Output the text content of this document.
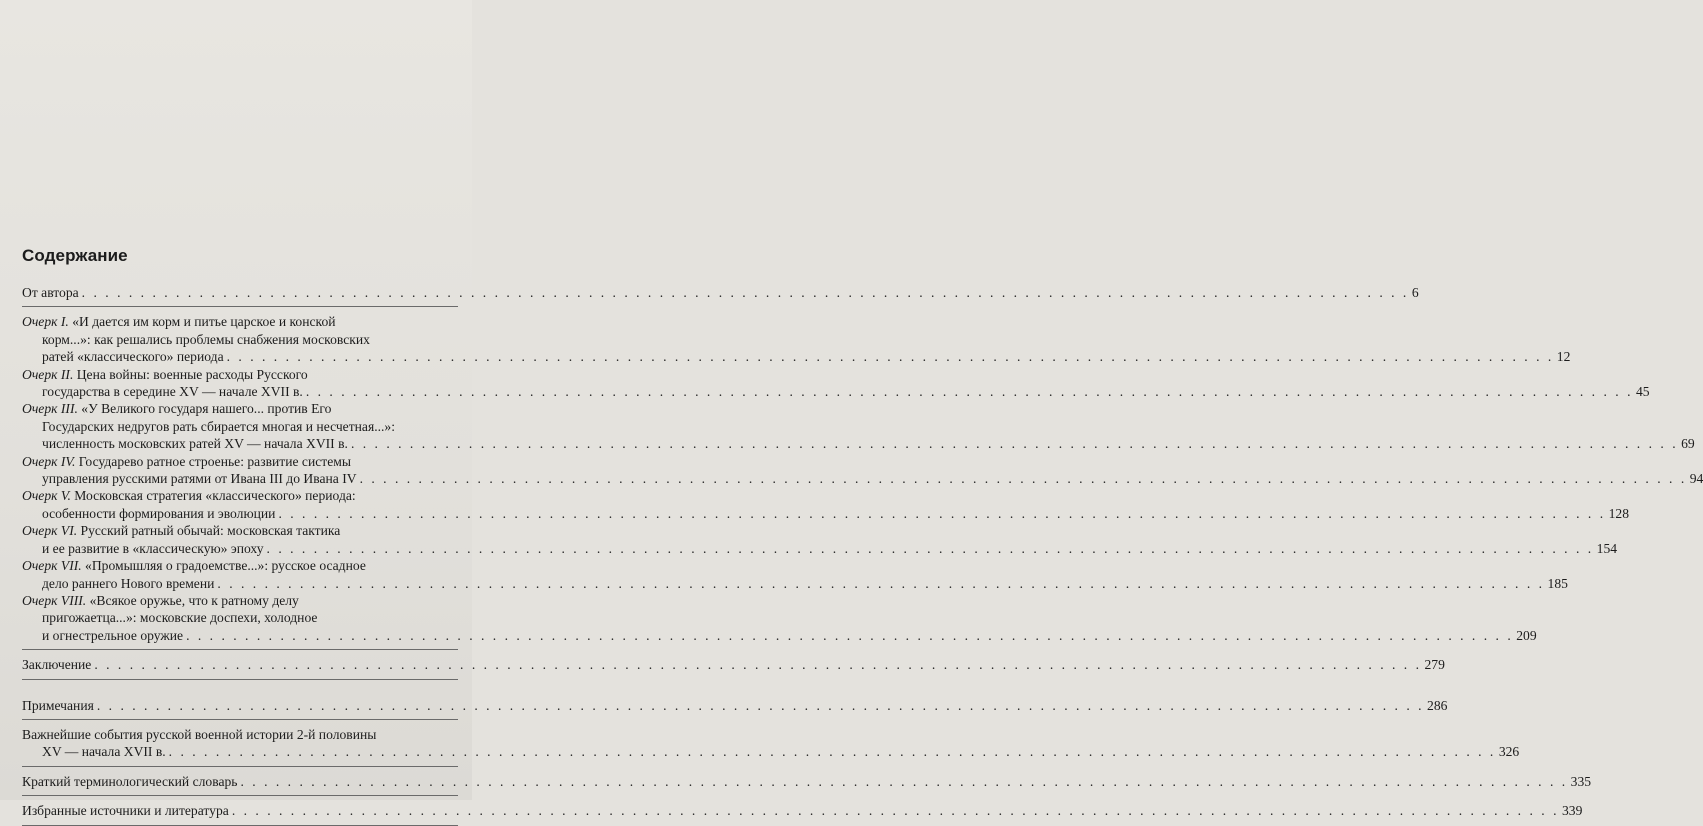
Содержание
От автора . . .	6
Очерк I. «И дается им корм и питье царское и конской
корм...»: как решались проблемы снабжения московских
ратей «классического» периода . . .	12
Очерк II. Цена войны: военные расходы Русского
государства в середине XV — начале XVII в. . . .	45
Очерк III. «У Великого государя нашего... против Его
Государских недругов рать сбирается многая и несчетная...»:
численность московских ратей XV — начала XVII в. . . .	69
Очерк IV. Государево ратное строенье: развитие системы
управления русскими ратями от Ивана III до Ивана IV . . .	94
Очерк V. Московская стратегия «классического» периода:
особенности формирования и эволюции . . .	128
Очерк VI. Русский ратный обычай: московская тактика
и ее развитие в «классическую» эпоху . . .	154
Очерк VII. «Промышляя о градоемстве...»: русское осадное
дело раннего Нового времени . . .	185
Очерк VIII. «Всякое оружье, что к ратному делу
пригожаетца...»: московские доспехи, холодное
и огнестрельное оружие . . .	209
Заключение . . .	279
Примечания . . .	286
Важнейшие события русской военной истории 2-й половины
XV — начала XVII в. . . .	326
Краткий терминологический словарь . . .	335
Избранные источники и литература . . .	339
